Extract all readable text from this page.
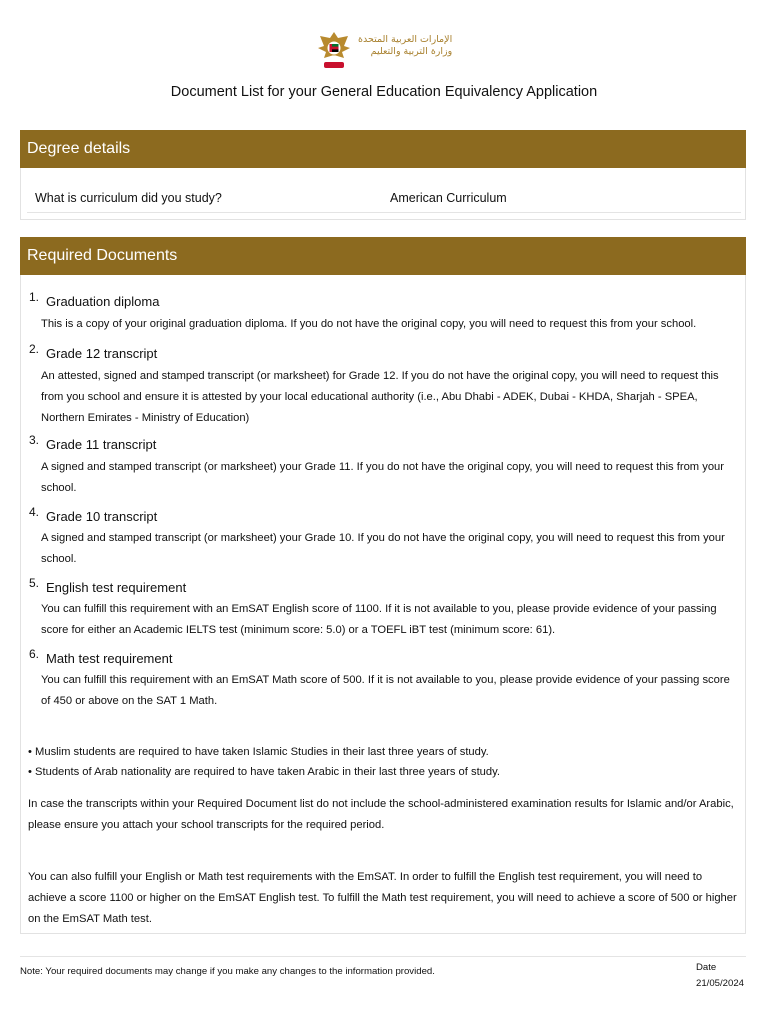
الإمارات العربية المتحدة
وزارة التربية والتعليم
Document List for your General Education Equivalency Application
Degree details
What is curriculum did you study?	American Curriculum
Required Documents
1. Graduation diploma
This is a copy of your original graduation diploma. If you do not have the original copy, you will need to request this from your school.
2. Grade 12 transcript
An attested, signed and stamped transcript (or marksheet) for Grade 12. If you do not have the original copy, you will need to request this from you school and ensure it is attested by your local educational authority (i.e., Abu Dhabi - ADEK, Dubai - KHDA, Sharjah - SPEA, Northern Emirates - Ministry of Education)
3. Grade 11 transcript
A signed and stamped transcript (or marksheet) your Grade 11. If you do not have the original copy, you will need to request this from your school.
4. Grade 10 transcript
A signed and stamped transcript (or marksheet) your Grade 10. If you do not have the original copy, you will need to request this from your school.
5. English test requirement
You can fulfill this requirement with an EmSAT English score of 1100. If it is not available to you, please provide evidence of your passing score for either an Academic IELTS test (minimum score: 5.0) or a TOEFL iBT test (minimum score: 61).
6. Math test requirement
You can fulfill this requirement with an EmSAT Math score of 500. If it is not available to you, please provide evidence of your passing score of 450 or above on the SAT 1 Math.
• Muslim students are required to have taken Islamic Studies in their last three years of study.
• Students of Arab nationality are required to have taken Arabic in their last three years of study.
In case the transcripts within your Required Document list do not include the school-administered examination results for Islamic and/or Arabic, please ensure you attach your school transcripts for the required period.
You can also fulfill your English or Math test requirements with the EmSAT. In order to fulfill the English test requirement, you will need to achieve a score 1100 or higher on the EmSAT English test. To fulfill the Math test requirement, you will need to achieve a score of 500 or higher on the EmSAT Math test.
Note: Your required documents may change if you make any changes to the information provided.	Date
21/05/2024
